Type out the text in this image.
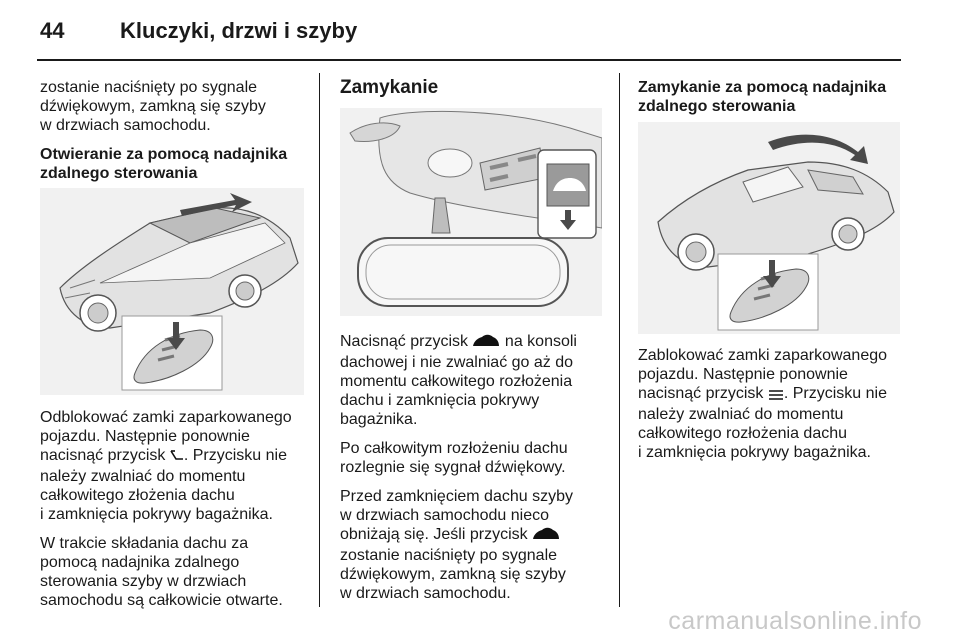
44	Kluczyki, drzwi i szyby

zostanie naciśnięty po sygnale
dźwiękowym, zamkną się szyby
w drzwiach samochodu.

Otwieranie za pomocą nadajnika
zdalnego sterowania

Odblokować zamki zaparkowanego
pojazdu. Następnie ponownie
nacisnąć przycisk . Przycisku nie
należy zwalniać do momentu
całkowitego złożenia dachu
i zamknięcia pokrywy bagażnika.

W trakcie składania dachu za
pomocą nadajnika zdalnego
sterowania szyby w drzwiach
samochodu są całkowicie otwarte.

Zamykanie

Nacisnąć przycisk  na konsoli
dachowej i nie zwalniać go aż do
momentu całkowitego rozłożenia
dachu i zamknięcia pokrywy
bagażnika.

Po całkowitym rozłożeniu dachu
rozlegnie się sygnał dźwiękowy.

Przed zamknięciem dachu szyby
w drzwiach samochodu nieco
obniżają się. Jeśli przycisk
zostanie naciśnięty po sygnale
dźwiękowym, zamkną się szyby
w drzwiach samochodu.

Zamykanie za pomocą nadajnika
zdalnego sterowania

Zablokować zamki zaparkowanego
pojazdu. Następnie ponownie
nacisnąć przycisk . Przycisku nie
należy zwalniać do momentu
całkowitego rozłożenia dachu
i zamknięcia pokrywy bagażnika.

carmanualsonline.info
